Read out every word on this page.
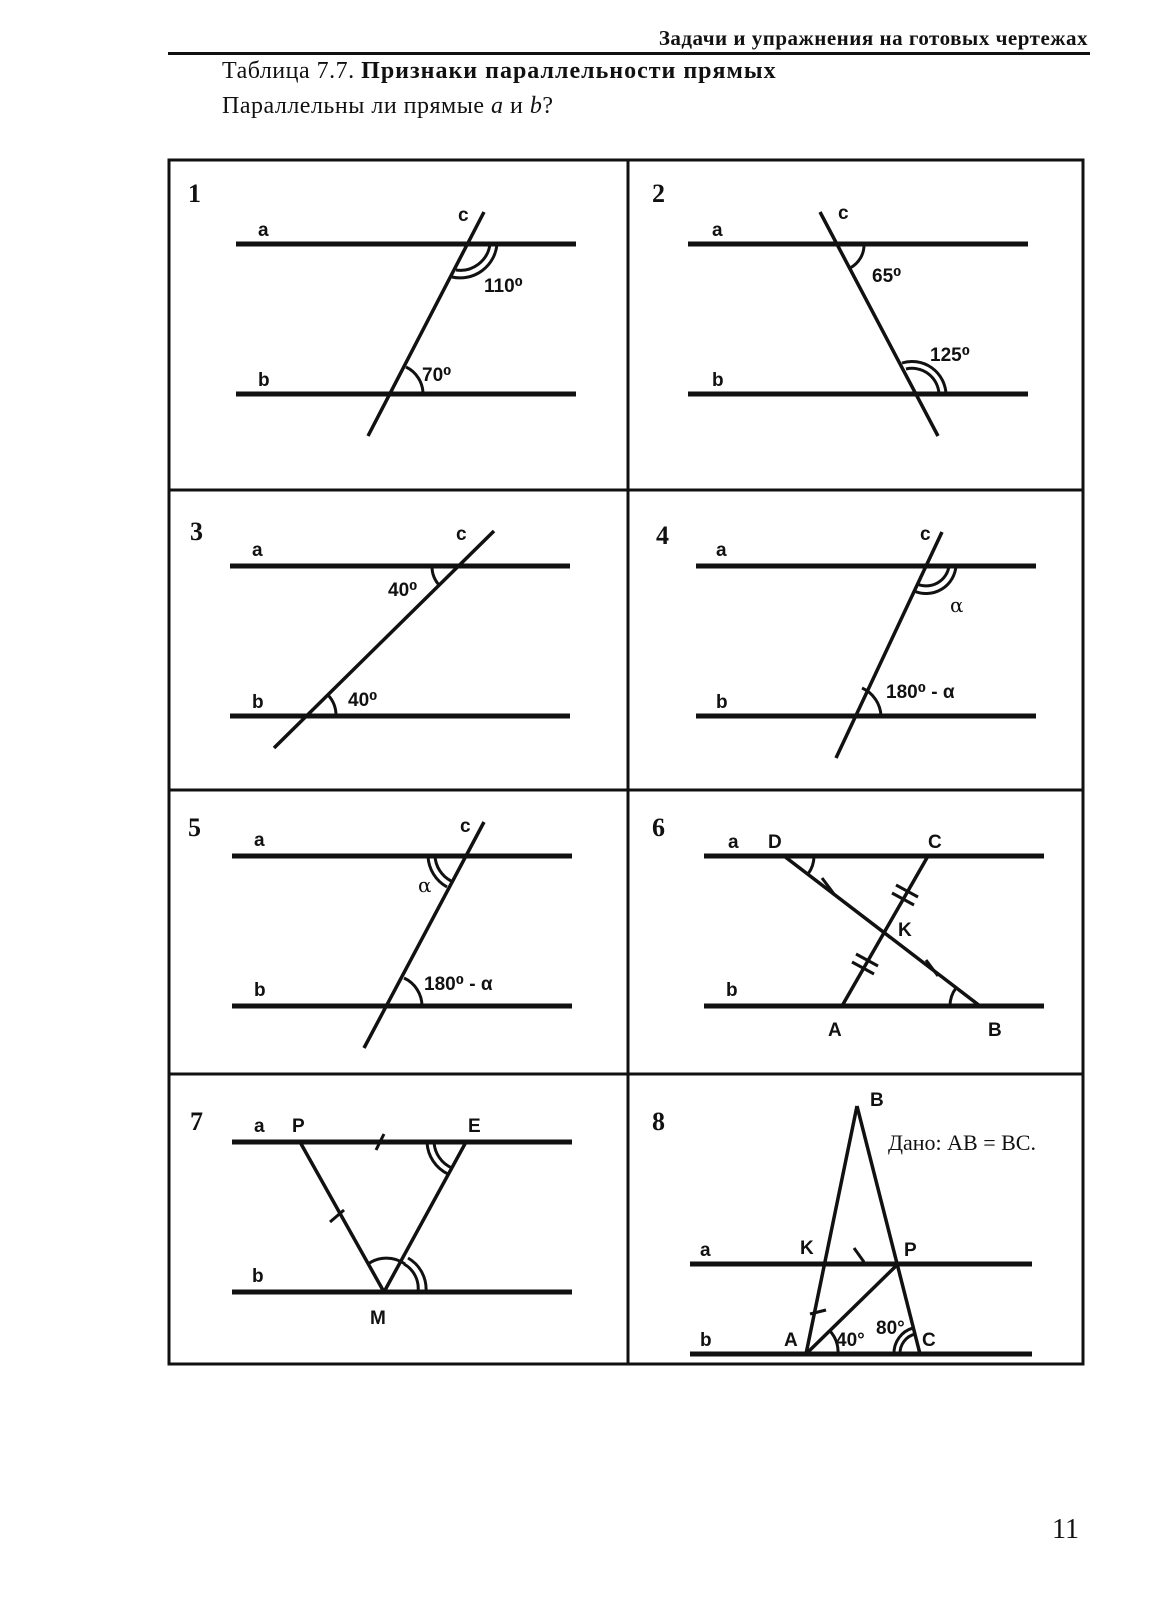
Задачи и упражнения на готовых чертежах
Таблица 7.7. Признаки параллельности прямых
Параллельны ли прямые a и b?
1
a
b
c
110⁰
70⁰
2
a
b
c
65⁰
125⁰
3
a
b
c
40⁰
40⁰
4
a
b
c
α
180⁰ - α
5	a
b
c
α
180⁰ - α
6
a
b
D	C
K
A	B
7	a
b
P	E
M
8
a
b
B
K	P
A	C
40°
80°
Дано: AB = BC.
11
